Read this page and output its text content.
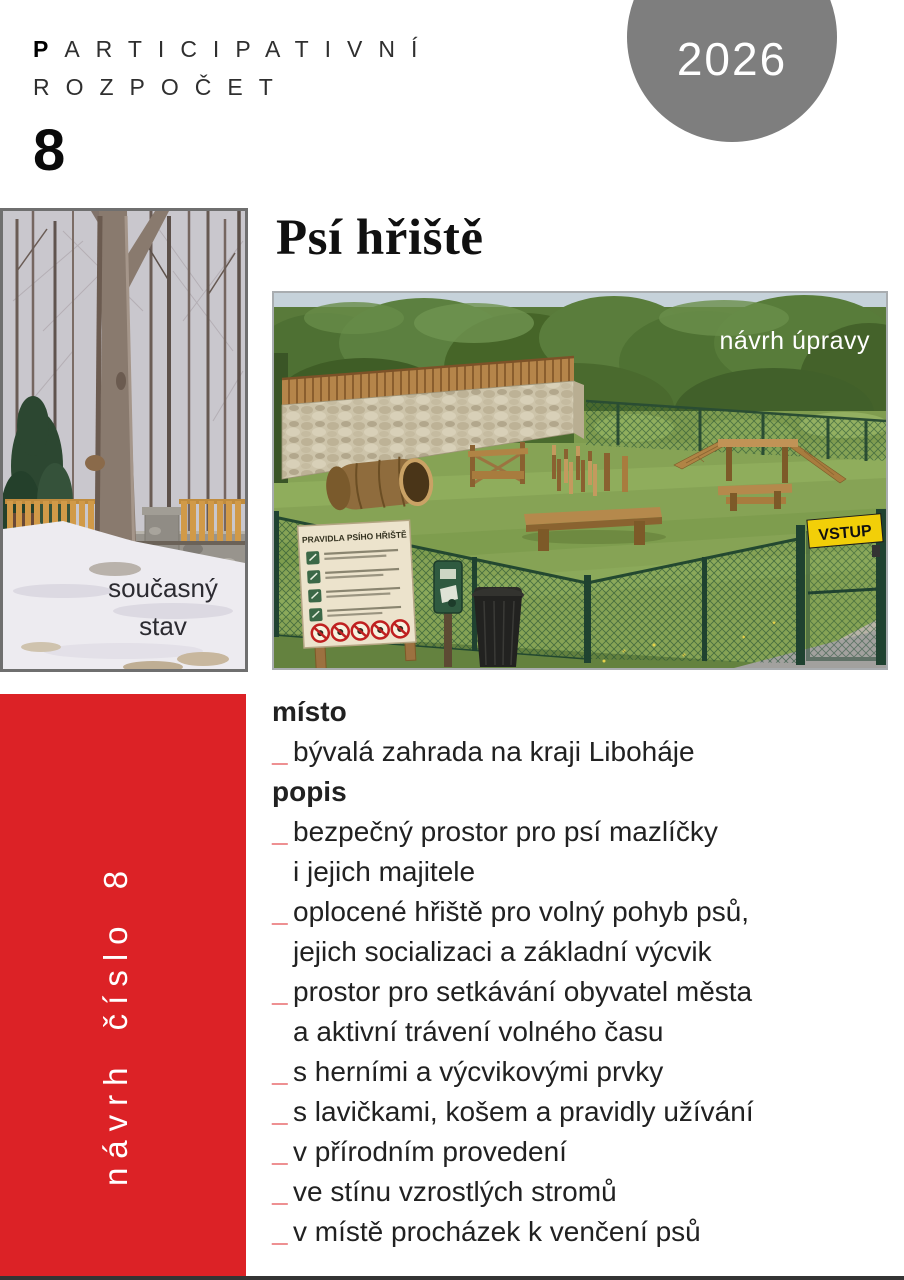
PARTICIPATIVNÍ
ROZPOČET
2026
8
současný
stav
Psí hřiště
VSTUP
PRAVIDLA PSÍHO HŘIŠTĚ
návrh úpravy
návrh číslo 8
místo
_ bývalá zahrada na kraji Liboháje
popis
_ bezpečný prostor pro psí mazlíčky
i jejich majitele
_ oplocené hřiště pro volný pohyb psů,
jejich socializaci a základní výcvik
_ prostor pro setkávání obyvatel města
a aktivní trávení volného času
_ s herními a výcvikovými prvky
_ s lavičkami, košem a pravidly užívání
_ v přírodním provedení
_ ve stínu vzrostlých stromů
_ v místě procházek k venčení psů
